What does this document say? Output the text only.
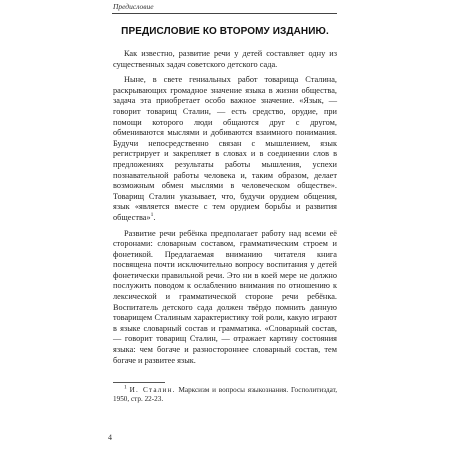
Предисловие
ПРЕДИСЛОВИЕ КО ВТОРОМУ ИЗДАНИЮ.

Как известно, развитие речи у детей составляет одну из существенных задач советского детского сада.

Ныне, в свете гениальных работ товарища Сталина, раскрывающих громадное значение языка в жизни общества, задача эта приобретает особо важное значение. «Язык, — говорит товарищ Сталин, — есть средство, орудие, при помощи которого люди общаются друг с другом, обмениваются мыслями и добиваются взаимного понимания. Будучи непосредственно связан с мышлением, язык регистрирует и закрепляет в словах и в соединении слов в предложениях результаты работы мышления, успехи познавательной работы человека и, таким образом, делает возможным обмен мыслями в человеческом обществе». Товарищ Сталин указывает, что, будучи орудием общения, язык «является вместе с тем орудием борьбы и развития общества»$^1$.

Развитие речи ребёнка предполагает работу над всеми её сторонами: словарным составом, грамматическим строем и фонетикой. Предлагаемая вниманию читателя книга посвящена почти исключительно вопросу воспитания у детей фонетически правильной речи. Это ни в коей мере не должно послужить поводом к ослаблению внимания по отношению к лексической и грамматической стороне речи ребёнка. Воспитатель детского сада должен твёрдо помнить данную товарищем Сталиным характеристику той роли, какую играют в языке словарный состав и грамматика. «Словарный состав, — говорит товарищ Сталин, — отражает картину состояния языка: чем богаче и разностороннее словарный состав, тем богаче и развитее язык.

$^1$ И. Сталин. Марксизм и вопросы языкознания. Госполитиздат, 1950, стр. 22-23.
4
